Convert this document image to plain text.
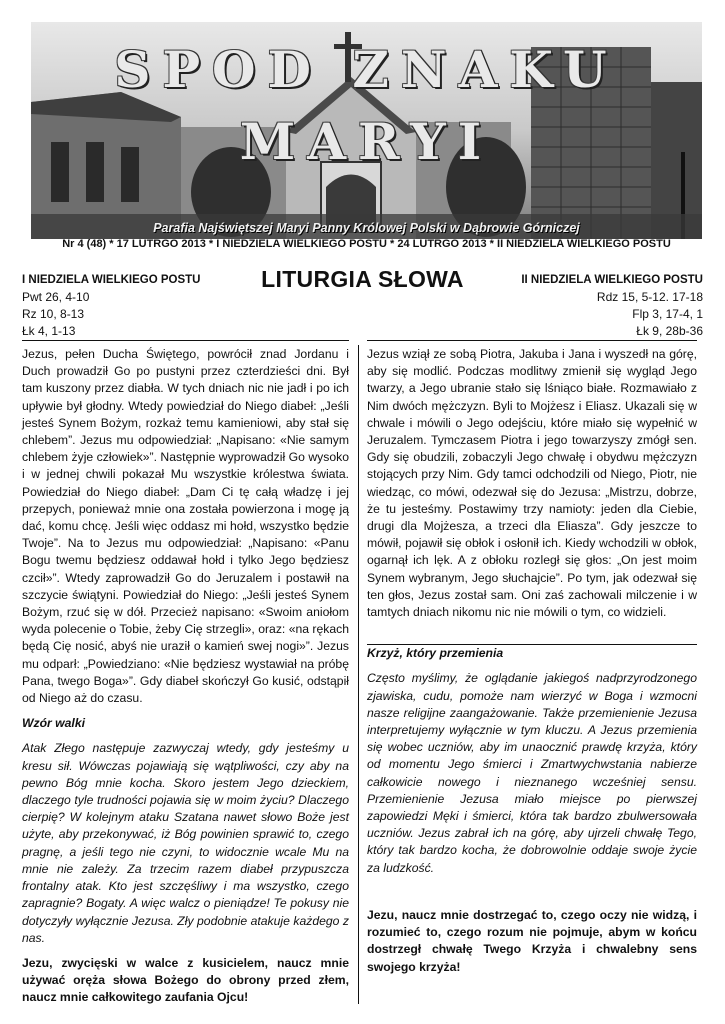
SPOD ZNAKU
MARYI
Parafia Najświętszej Maryi Panny Królowej Polski w Dąbrowie Górniczej
Nr 4 (48) * 17 LUTRGO 2013 * I NIEDZIELA WIELKIEGO POSTU * 24 LUTRGO 2013 * II NIEDZIELA WIELKIEGO POSTU
I NIEDZIELA WIELKIEGO POSTU
Pwt 26, 4-10
Rz 10, 8-13
Łk 4, 1-13
LITURGIA SŁOWA	II NIEDZIELA WIELKIEGO POSTU
Rdz 15, 5-12. 17-18
Flp 3, 17-4, 1
Łk 9, 28b-36

Jezus, pełen Ducha Świętego, powrócił znad Jordanu i Duch prowadził Go po pustyni przez czterdzieści dni. Był tam kuszony przez diabła. W tych dniach nic nie jadł i po ich upływie był głodny. Wtedy powiedział do Niego diabeł: „Jeśli jesteś Synem Bożym, rozkaż temu kamieniowi, aby stał się chlebem”. Jezus mu odpowiedział: „Napisano: «Nie samym chlebem żyje człowiek»”. Następnie wyprowadził Go wysoko i w jednej chwili pokazał Mu wszystkie królestwa świata. Powiedział do Niego diabeł: „Dam Ci tę całą władzę i jej przepych, ponieważ mnie ona została powierzona i mogę ją dać, komu chcę. Jeśli więc oddasz mi hołd, wszystko będzie Twoje”. Na to Jezus mu odpowiedział: „Napisano: «Panu Bogu twemu będziesz oddawał hołd i tylko Jego będziesz czcił»”. Wtedy zaprowadził Go do Jeruzalem i postawił na szczycie świątyni. Powiedział do Niego: „Jeśli jesteś Synem Bożym, rzuć się w dół. Przecież napisano: «Swoim aniołom wyda polecenie o Tobie, żeby Cię strzegli», oraz: «na rękach będą Cię nosić, abyś nie uraził o kamień swej nogi»”. Jezus mu odparł: „Powiedziano: «Nie będziesz wystawiał na próbę Pana, twego Boga»”. Gdy diabeł skończył Go kusić, odstąpił od Niego aż do czasu.

Wzór walki

Atak Złego następuje zazwyczaj wtedy, gdy jesteśmy u kresu sił. Wówczas pojawiają się wątpliwości, czy aby na pewno Bóg mnie kocha. Skoro jestem Jego dzieckiem, dlaczego tyle trudności pojawia się w moim życiu? Dlaczego cierpię? W kolejnym ataku Szatana nawet słowo Boże jest użyte, aby przekonywać, iż Bóg powinien sprawić to, czego pragnę, a jeśli tego nie czyni, to widocznie wcale Mu na mnie nie zależy. Za trzecim razem diabeł przypuszcza frontalny atak. Kto jest szczęśliwy i ma wszystko, czego zapragnie? Bogaty. A więc walcz o pieniądze! Te pokusy nie dotyczyły wyłącznie Jezusa. Zły podobnie atakuje każdego z nas.

Jezu, zwycięski w walce z kusicielem, naucz mnie używać oręża słowa Bożego do obrony przed złem, naucz mnie całkowitego zaufania Ojcu!

Jezus wziął ze sobą Piotra, Jakuba i Jana i wyszedł na górę, aby się modlić. Podczas modlitwy zmienił się wygląd Jego twarzy, a Jego ubranie stało się lśniąco białe. Rozmawiało z Nim dwóch mężczyzn. Byli to Mojżesz i Eliasz. Ukazali się w chwale i mówili o Jego odejściu, które miało się wypełnić w Jeruzalem. Tymczasem Piotra i jego towarzyszy zmógł sen. Gdy się obudzili, zobaczyli Jego chwałę i obydwu mężczyzn stojących przy Nim. Gdy tamci odchodzili od Niego, Piotr, nie wiedząc, co mówi, odezwał się do Jezusa: „Mistrzu, dobrze, że tu jesteśmy. Postawimy trzy namioty: jeden dla Ciebie, drugi dla Mojżesza, a trzeci dla Eliasza”. Gdy jeszcze to mówił, pojawił się obłok i osłonił ich. Kiedy wchodzili w obłok, ogarnął ich lęk. A z obłoku rozległ się głos: „On jest moim Synem wybranym, Jego słuchajcie”. Po tym, jak odezwał się ten głos, Jezus został sam. Oni zaś zachowali milczenie i w tamtych dniach nikomu nic nie mówili o tym, co widzieli.

Krzyż, który przemienia

Często myślimy, że oglądanie jakiegoś nadprzyrodzonego zjawiska, cudu, pomoże nam wierzyć w Boga i wzmocni nasze religijne zaangażowanie. Także przemienienie Jezusa interpretujemy wyłącznie w tym kluczu. A Jezus przemienia się wobec uczniów, aby im unaocznić prawdę krzyża, który od momentu Jego śmierci i Zmartwychwstania nabierze całkowicie nowego i nieznanego wcześniej sensu. Przemienienie Jezusa miało miejsce po pierwszej zapowiedzi Męki i śmierci, która tak bardzo zbulwersowała uczniów. Jezus zabrał ich na górę, aby ujrzeli chwałę Tego, który tak bardzo kocha, że dobrowolnie oddaje swoje życie za ludzkość.

Jezu, naucz mnie dostrzegać to, czego oczy nie widzą, i rozumieć to, czego rozum nie pojmuje, abym w końcu dostrzegł chwałę Twego Krzyża i chwalebny sens swojego krzyża!
